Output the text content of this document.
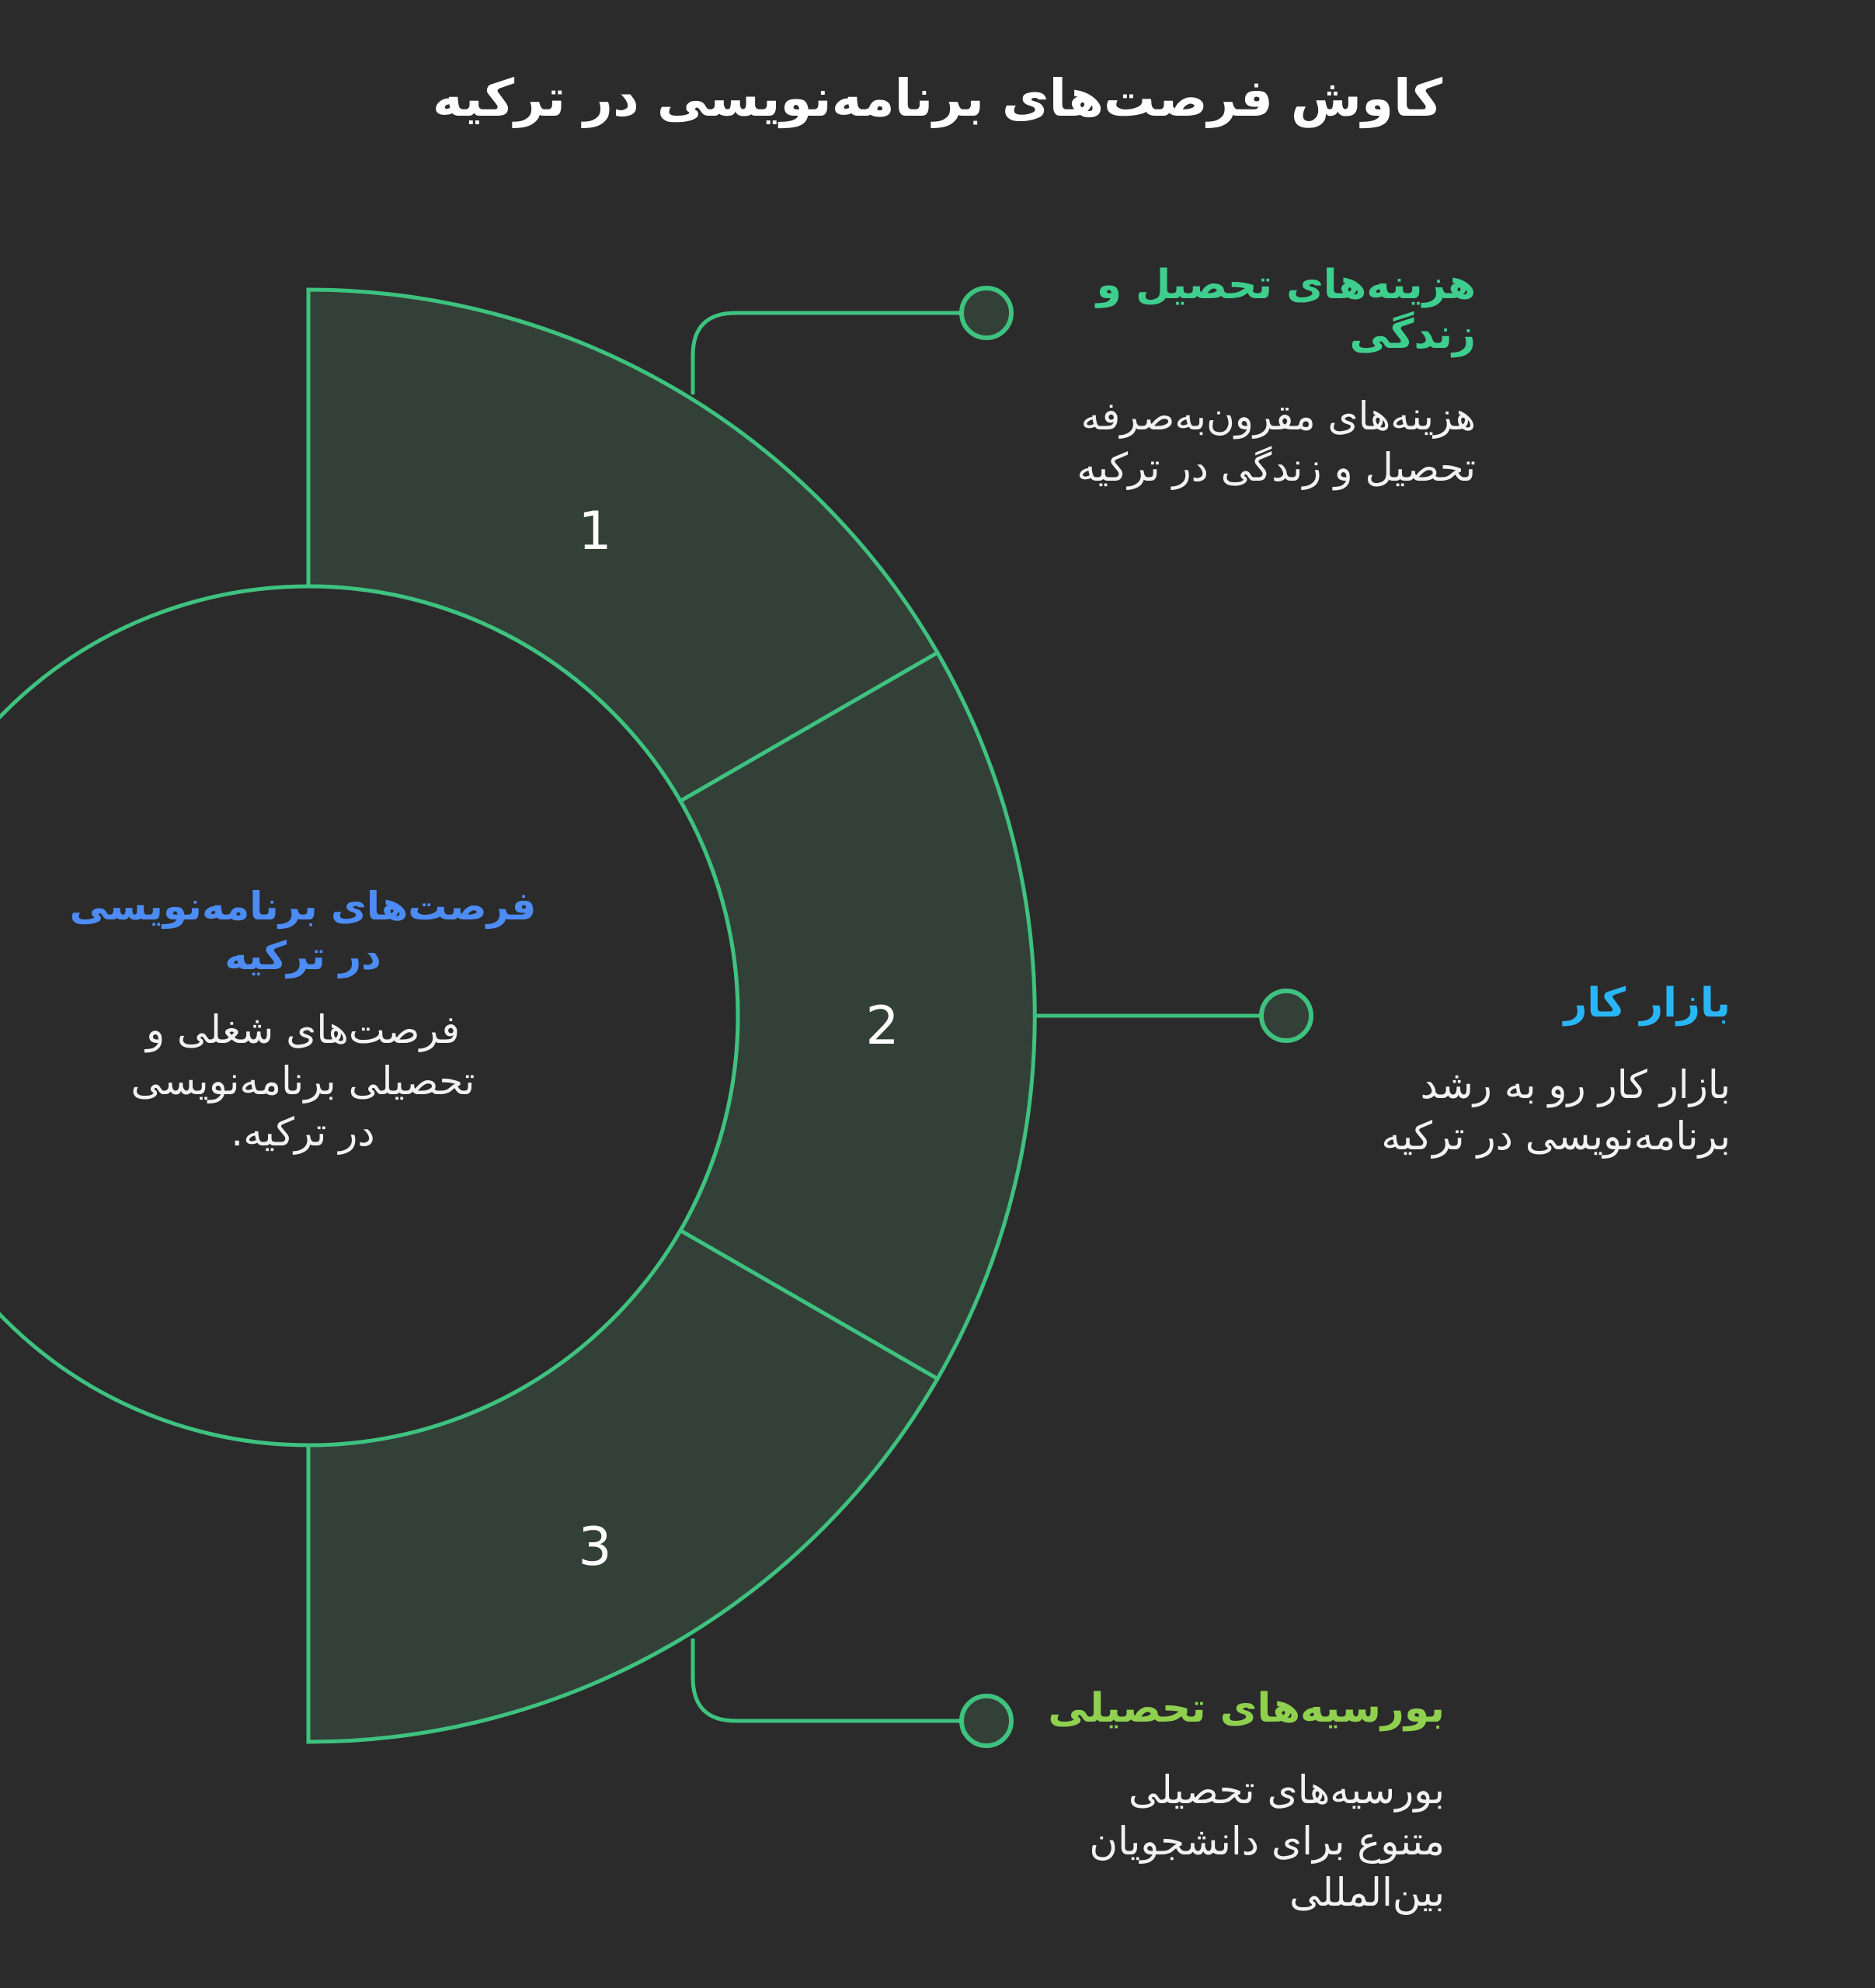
کاوش فرصت‌های برنامه‌نویسی در ترکیه
1
2
3
فرصت‌های برنامه‌نویسی در ترکیه
فرصت‌های شغلی و تحصیلی برنامه‌نویسی در ترکیه.
هزینه‌های تحصیل و زندگی
هزینه‌های مقرون‌به‌صرفه تحصیل و زندگی در ترکیه
بازار کار
بازار کار رو به رشد برنامه‌نویسی در ترکیه
بورسیه‌های تحصیلی
بورسیه‌های تحصیلی متنوع برای دانشجویان بین‌المللی
